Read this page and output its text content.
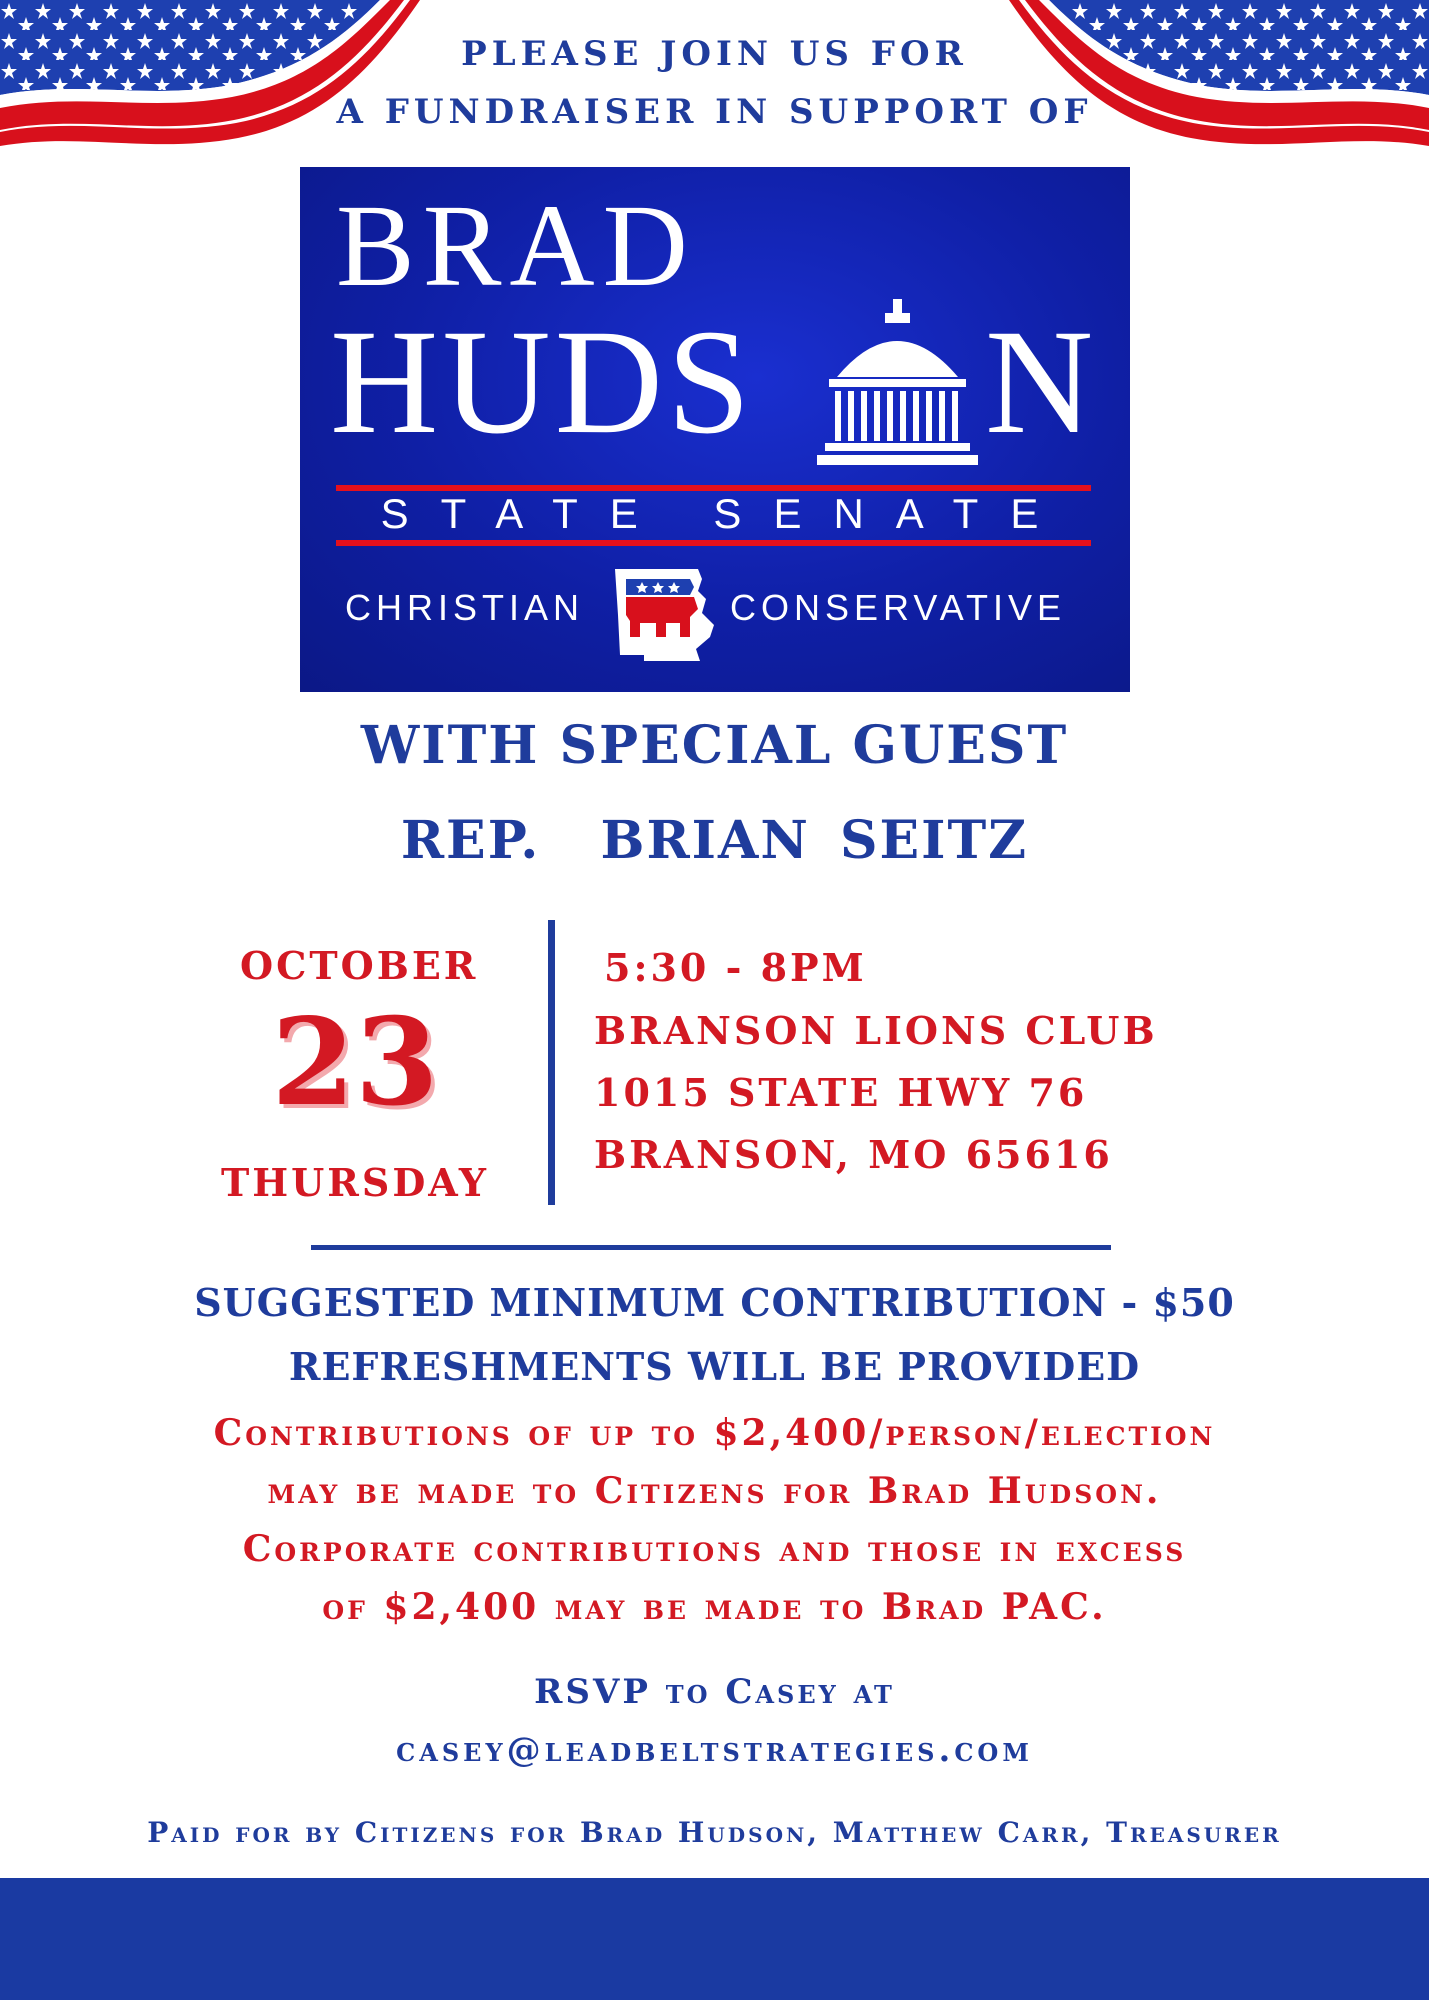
PLEASE JOIN US FOR
A FUNDRAISER IN SUPPORT OF
BRAD
HUDS N
STATE SENATE
CHRISTIAN	CONSERVATIVE
WITH SPECIAL GUEST
REP.  BRIAN SEITZ
OCTOBER
23
THURSDAY
5:30 - 8PM
BRANSON LIONS CLUB
1015 STATE HWY 76
BRANSON, MO 65616
SUGGESTED MINIMUM CONTRIBUTION - $50
REFRESHMENTS WILL BE PROVIDED
Contributions of up to $2,400/person/election
may be made to Citizens for Brad Hudson.
Corporate contributions and those in excess
of $2,400 may be made to Brad PAC.
RSVP to Casey at
casey@leadbeltstrategies.com
Paid for by Citizens for Brad Hudson, Matthew Carr, Treasurer
